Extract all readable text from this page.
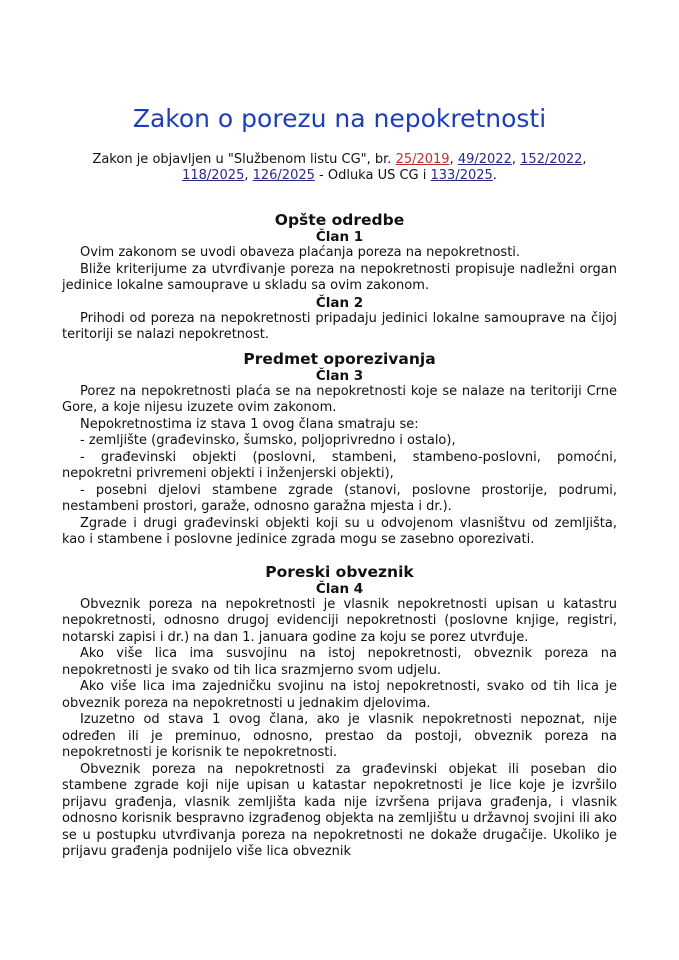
Zakon o porezu na nepokretnosti
Zakon je objavljen u "Službenom listu CG", br. 25/2019, 49/2022, 152/2022, 118/2025, 126/2025 - Odluka US CG i 133/2025.
Opšte odredbe
Član 1

Ovim zakonom se uvodi obaveza plaćanja poreza na nepokretnosti.

Bliže kriterijume za utvrđivanje poreza na nepokretnosti propisuje nadležni organ jedinice lokalne samouprave u skladu sa ovim zakonom.

Član 2

Prihodi od poreza na nepokretnosti pripadaju jedinici lokalne samouprave na čijoj teritoriji se nalazi nepokretnost.

Predmet oporezivanja
Član 3

Porez na nepokretnosti plaća se na nepokretnosti koje se nalaze na teritoriji Crne Gore, a koje nijesu izuzete ovim zakonom.

Nepokretnostima iz stava 1 ovog člana smatraju se:

- zemljište (građevinsko, šumsko, poljoprivredno i ostalo),

- građevinski objekti (poslovni, stambeni, stambeno-poslovni, pomoćni, nepokretni privremeni objekti i inženjerski objekti),

- posebni djelovi stambene zgrade (stanovi, poslovne prostorije, podrumi, nestambeni prostori, garaže, odnosno garažna mjesta i dr.).

Zgrade i drugi građevinski objekti koji su u odvojenom vlasništvu od zemljišta, kao i stambene i poslovne jedinice zgrada mogu se zasebno oporezivati.

Poreski obveznik
Član 4

Obveznik poreza na nepokretnosti je vlasnik nepokretnosti upisan u katastru nepokretnosti, odnosno drugoj evidenciji nepokretnosti (poslovne knjige, registri, notarski zapisi i dr.) na dan 1. januara godine za koju se porez utvrđuje.

Ako više lica ima susvojinu na istoj nepokretnosti, obveznik poreza na nepokretnosti je svako od tih lica srazmjerno svom udjelu.

Ako više lica ima zajedničku svojinu na istoj nepokretnosti, svako od tih lica je obveznik poreza na nepokretnosti u jednakim djelovima.

Izuzetno od stava 1 ovog člana, ako je vlasnik nepokretnosti nepoznat, nije određen ili je preminuo, odnosno, prestao da postoji, obveznik poreza na nepokretnosti je korisnik te nepokretnosti.

Obveznik poreza na nepokretnosti za građevinski objekat ili poseban dio stambene zgrade koji nije upisan u katastar nepokretnosti je lice koje je izvršilo prijavu građenja, vlasnik zemljišta kada nije izvršena prijava građenja, i vlasnik odnosno korisnik bespravno izgrađenog objekta na zemljištu u državnoj svojini ili ako se u postupku utvrđivanja poreza na nepokretnosti ne dokaže drugačije. Ukoliko je prijavu građenja podnijelo više lica obveznik
